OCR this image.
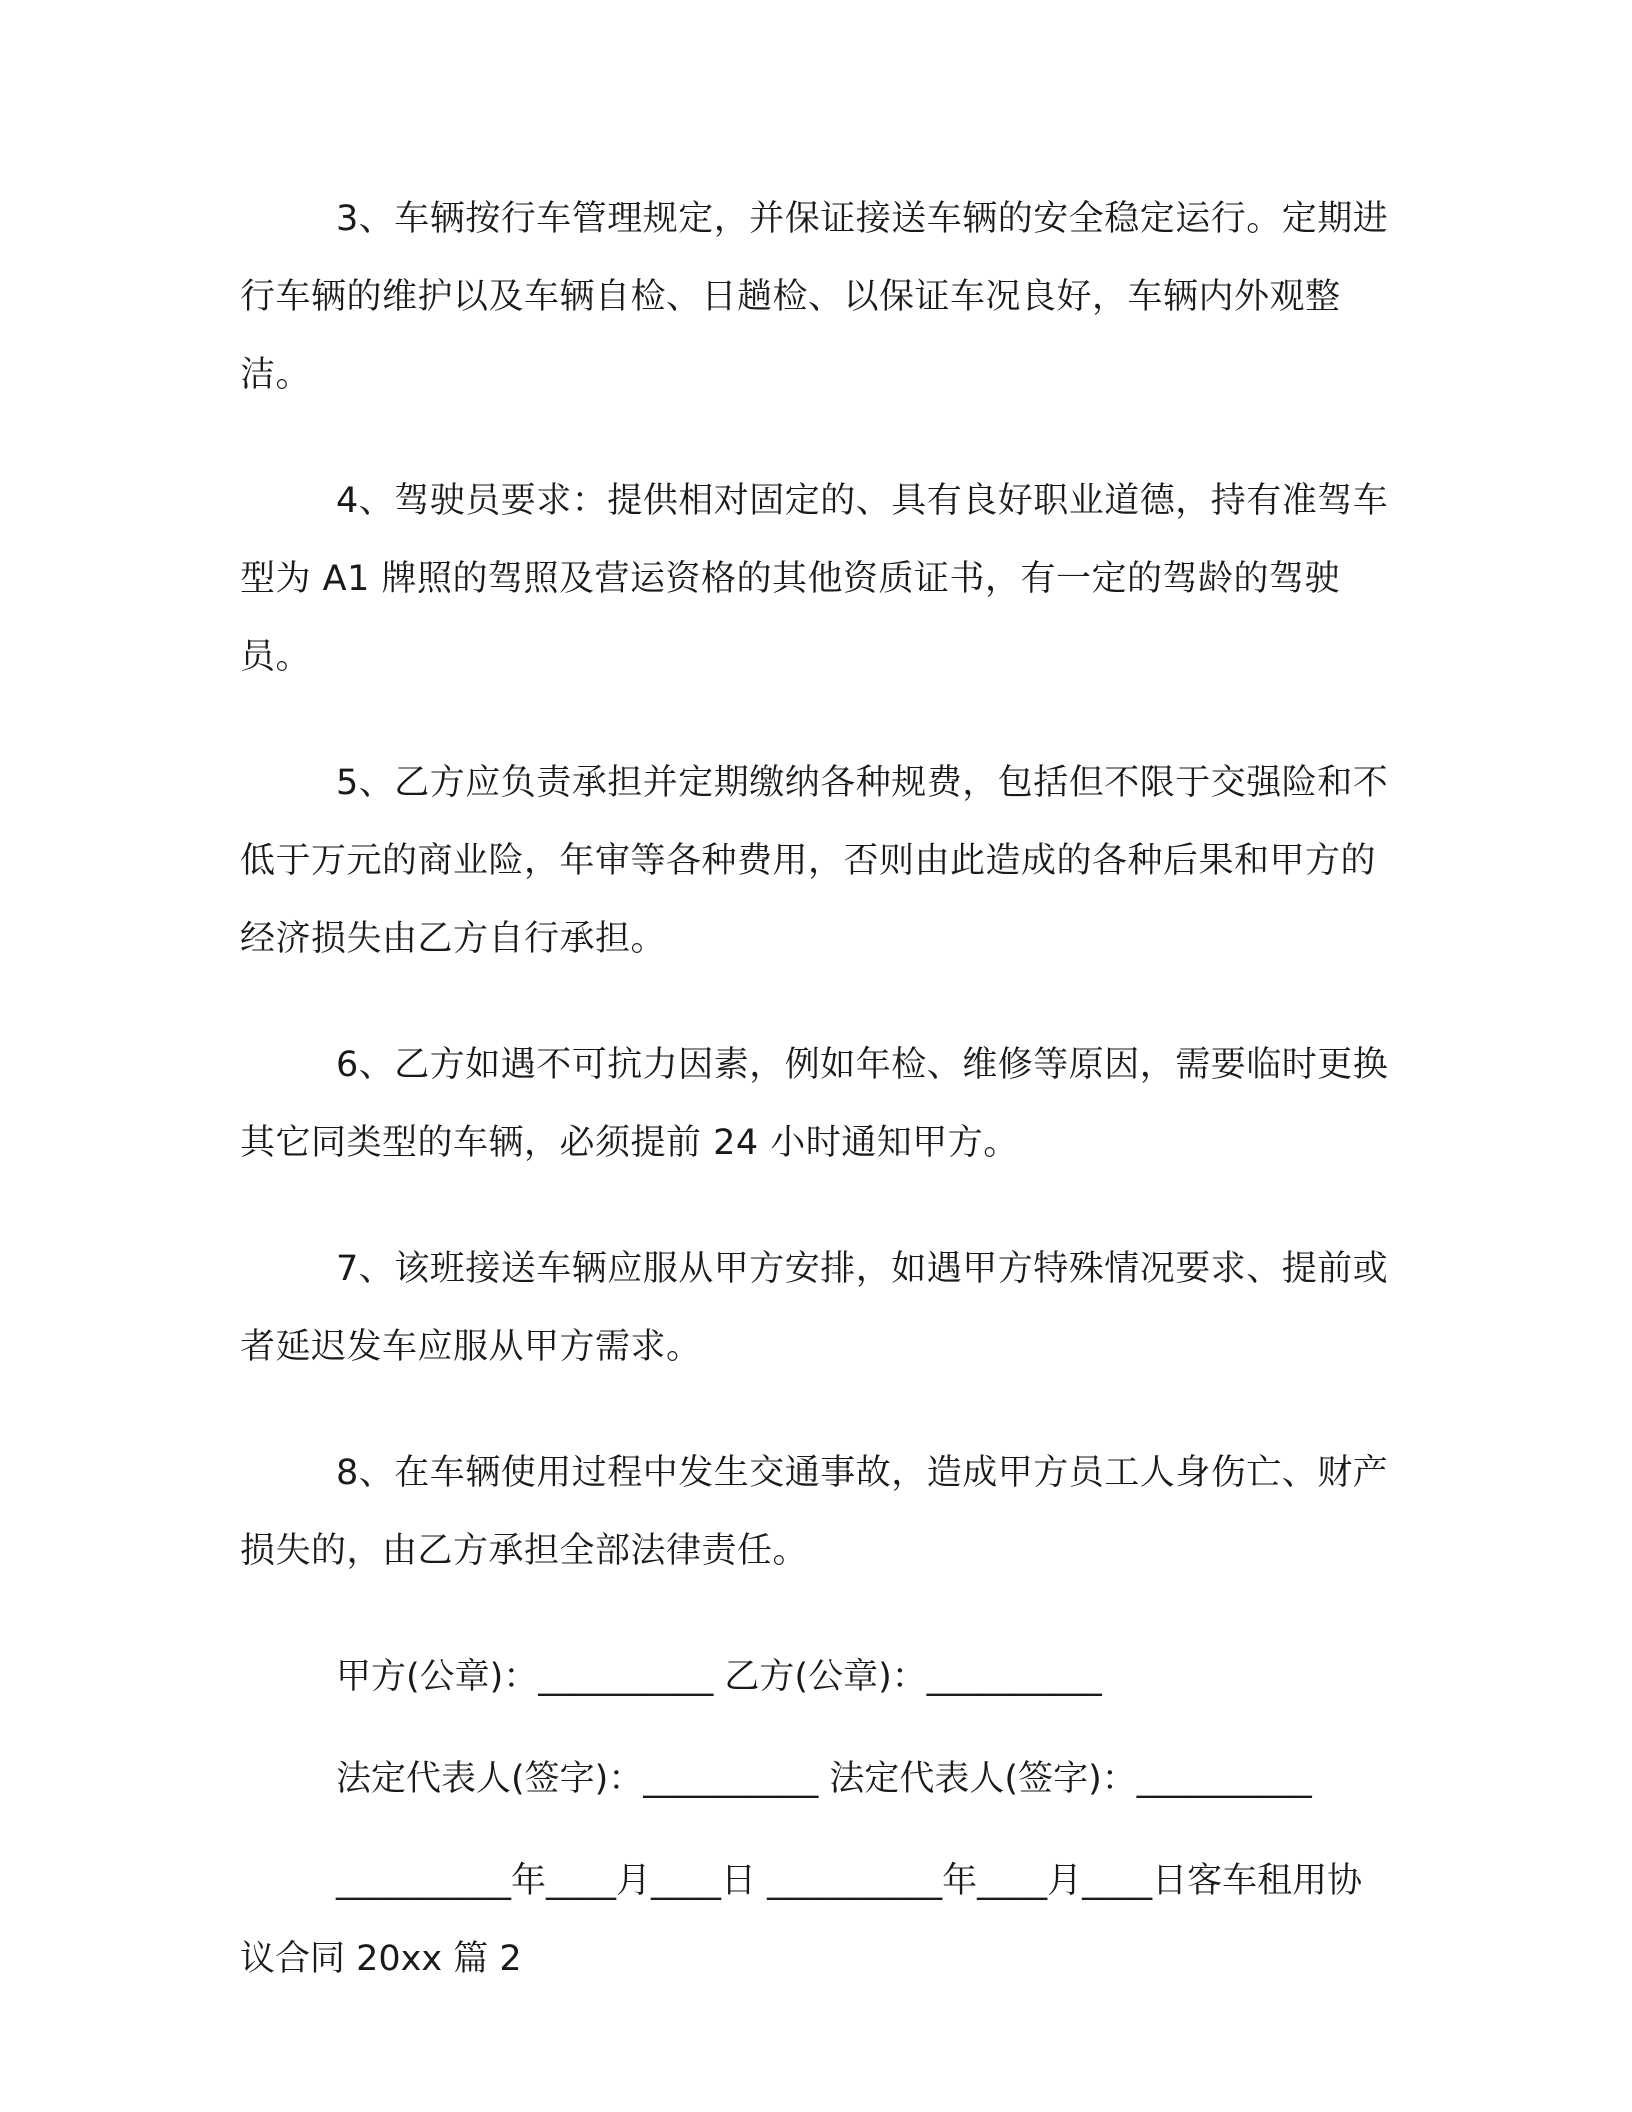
3、车辆按行车管理规定，并保证接送车辆的安全稳定运行。定期进行车辆的维护以及车辆自检、日趟检、以保证车况良好，车辆内外观整洁。

4、驾驶员要求：提供相对固定的、具有良好职业道德，持有准驾车型为 A1 牌照的驾照及营运资格的其他资质证书，有一定的驾龄的驾驶员。

5、乙方应负责承担并定期缴纳各种规费，包括但不限于交强险和不低于万元的商业险，年审等各种费用，否则由此造成的各种后果和甲方的经济损失由乙方自行承担。

6、乙方如遇不可抗力因素，例如年检、维修等原因，需要临时更换其它同类型的车辆，必须提前 24 小时通知甲方。

7、该班接送车辆应服从甲方安排，如遇甲方特殊情况要求、提前或者延迟发车应服从甲方需求。

8、在车辆使用过程中发生交通事故，造成甲方员工人身伤亡、财产损失的，由乙方承担全部法律责任。

甲方(公章)：__________ 乙方(公章)：__________

法定代表人(签字)：__________ 法定代表人(签字)：__________

__________年____月____日 __________年____月____日客车租用协议合同 20xx 篇 2
